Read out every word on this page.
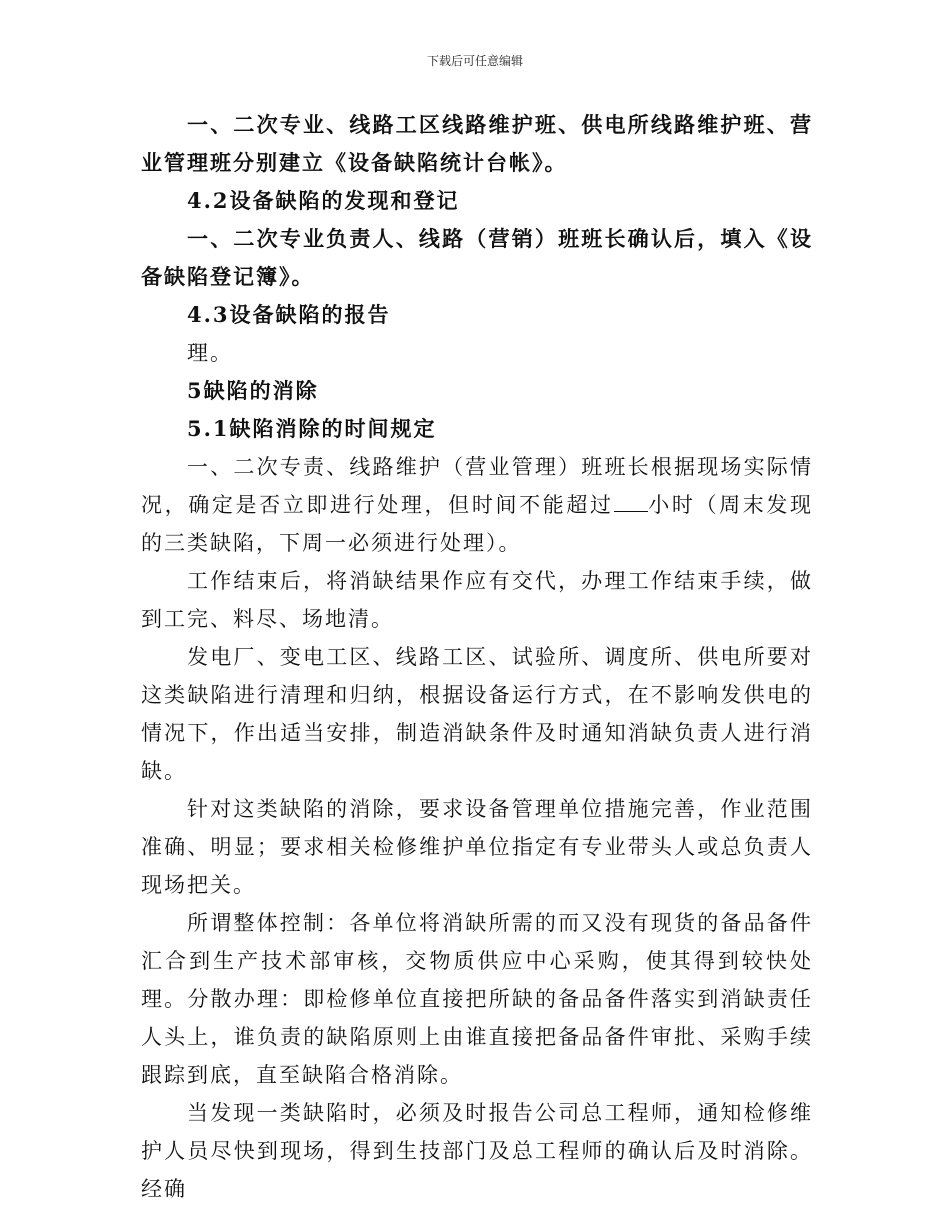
下载后可任意编辑

一、二次专业、线路工区线路维护班、供电所线路维护班、营业管理班分别建立《设备缺陷统计台帐》。

4.2设备缺陷的发现和登记

一、二次专业负责人、线路（营销）班班长确认后，填入《设备缺陷登记簿》。

4.3设备缺陷的报告

理。

5缺陷的消除

5.1缺陷消除的时间规定

一、二次专责、线路维护（营业管理）班班长根据现场实际情况，确定是否立即进行处理，但时间不能超过 小时（周末发现的三类缺陷，下周一必须进行处理）。

工作结束后，将消缺结果作应有交代，办理工作结束手续，做到工完、料尽、场地清。

发电厂、变电工区、线路工区、试验所、调度所、供电所要对这类缺陷进行清理和归纳，根据设备运行方式，在不影响发供电的情况下，作出适当安排，制造消缺条件及时通知消缺负责人进行消缺。

针对这类缺陷的消除，要求设备管理单位措施完善，作业范围准确、明显；要求相关检修维护单位指定有专业带头人或总负责人现场把关。

所谓整体控制：各单位将消缺所需的而又没有现货的备品备件汇合到生产技术部审核，交物质供应中心采购，使其得到较快处理。分散办理：即检修单位直接把所缺的备品备件落实到消缺责任人头上，谁负责的缺陷原则上由谁直接把备品备件审批、采购手续跟踪到底，直至缺陷合格消除。

当发现一类缺陷时，必须及时报告公司总工程师，通知检修维护人员尽快到现场，得到生技部门及总工程师的确认后及时消除。经确
